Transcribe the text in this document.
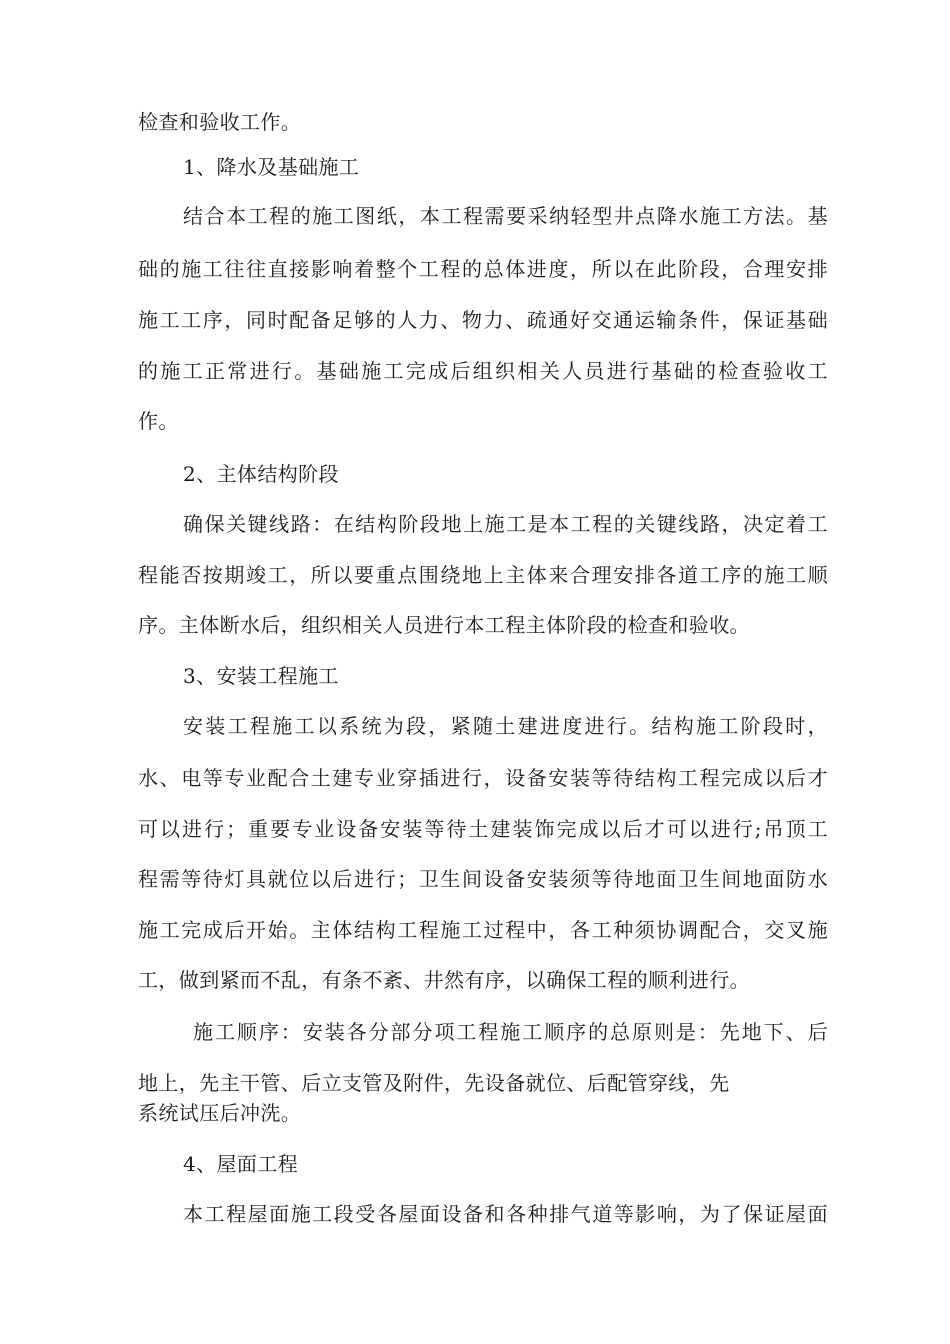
检查和验收工作。
1、降水及基础施工
结合本工程的施工图纸，本工程需要采纳轻型井点降水施工方法。基
础的施工往往直接影响着整个工程的总体进度，所以在此阶段，合理安排
施工工序，同时配备足够的人力、物力、疏通好交通运输条件，保证基础
的施工正常进行。基础施工完成后组织相关人员进行基础的检查验收工
作。
2、主体结构阶段
确保关键线路：在结构阶段地上施工是本工程的关键线路，决定着工
程能否按期竣工，所以要重点围绕地上主体来合理安排各道工序的施工顺
序。主体断水后，组织相关人员进行本工程主体阶段的检查和验收。
3、安装工程施工
安装工程施工以系统为段，紧随土建进度进行。结构施工阶段时，
水、电等专业配合土建专业穿插进行，设备安装等待结构工程完成以后才
可以进行；重要专业设备安装等待土建装饰完成以后才可以进行;吊顶工
程需等待灯具就位以后进行；卫生间设备安装须等待地面卫生间地面防水
施工完成后开始。主体结构工程施工过程中，各工种须协调配合，交叉施
工，做到紧而不乱，有条不紊、井然有序，以确保工程的顺利进行。
施工顺序：安装各分部分项工程施工顺序的总原则是：先地下、后
地上，先主干管、后立支管及附件，先设备就位、后配管穿线，先
系统试压后冲洗。
4、屋面工程
本工程屋面施工段受各屋面设备和各种排气道等影响，为了保证屋面
